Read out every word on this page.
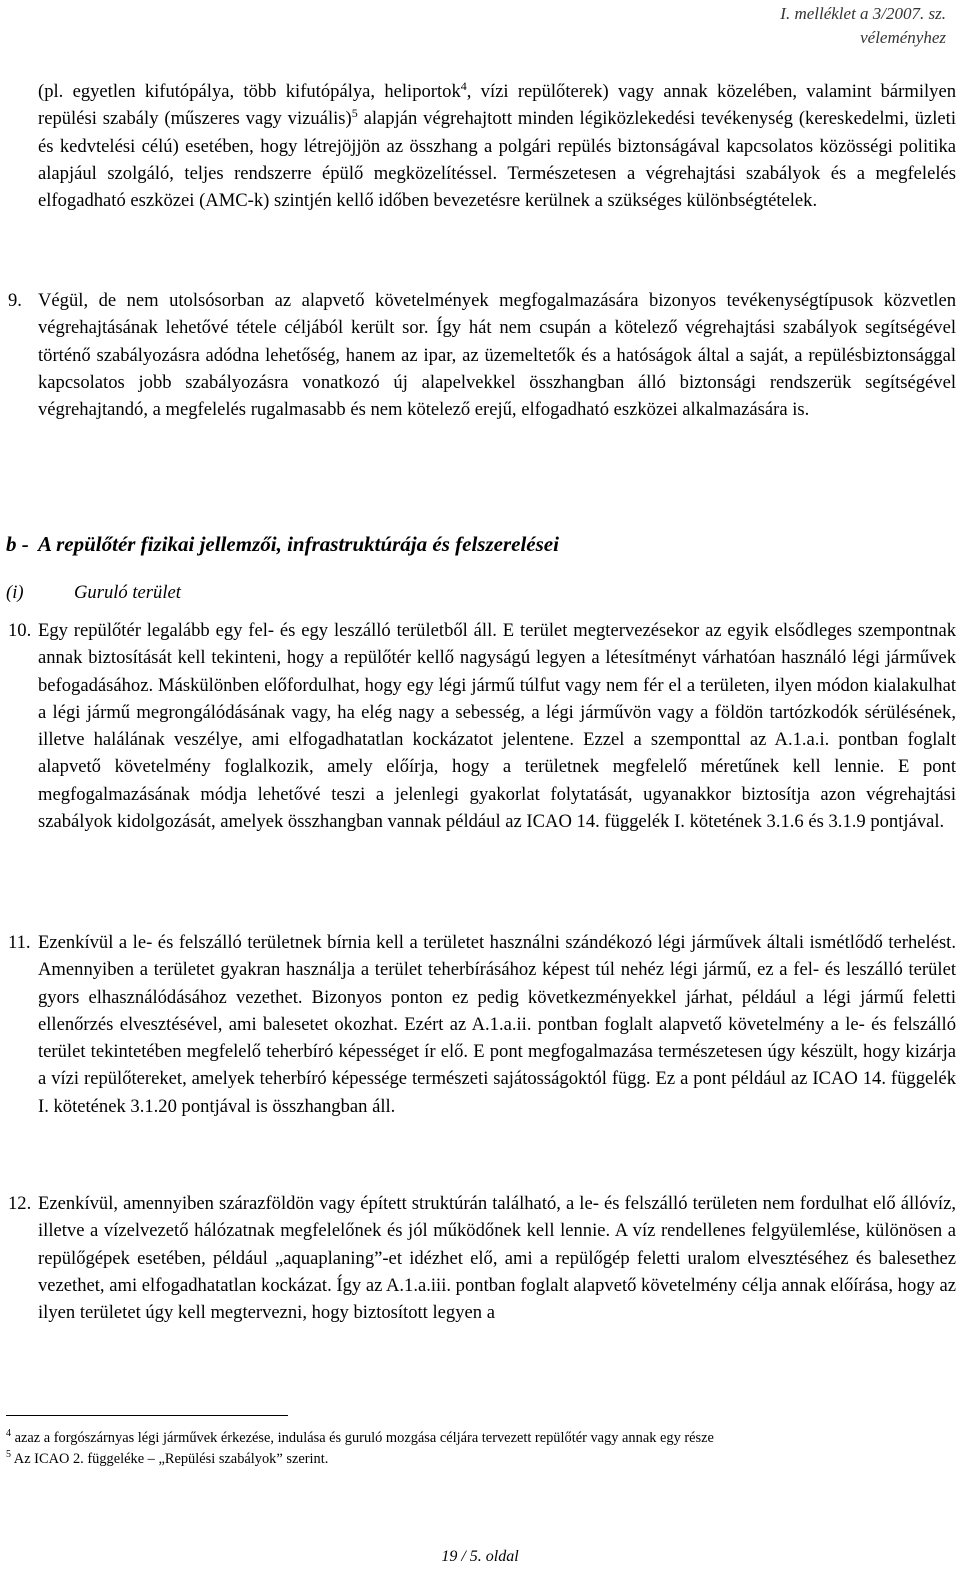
I. melléklet a 3/2007. sz.
véleményhez
(pl. egyetlen kifutópálya, több kifutópálya, heliportok$^4$, vízi repülőterek) vagy annak közelében, valamint bármilyen repülési szabály (műszeres vagy vizuális)$^5$ alapján végrehajtott minden légiközlekedési tevékenység (kereskedelmi, üzleti és kedvtelési célú) esetében, hogy létrejöjjön az összhang a polgári repülés biztonságával kapcsolatos közösségi politika alapjául szolgáló, teljes rendszerre épülő megközelítéssel. Természetesen a végrehajtási szabályok és a megfelelés elfogadható eszközei (AMC-k) szintjén kellő időben bevezetésre kerülnek a szükséges különbségtételek.
9. Végül, de nem utolsósorban az alapvető követelmények megfogalmazására bizonyos tevékenységtípusok közvetlen végrehajtásának lehetővé tétele céljából került sor. Így hát nem csupán a kötelező végrehajtási szabályok segítségével történő szabályozásra adódna lehetőség, hanem az ipar, az üzemeltetők és a hatóságok által a saját, a repülésbiztonsággal kapcsolatos jobb szabályozásra vonatkozó új alapelvekkel összhangban álló biztonsági rendszerük segítségével végrehajtandó, a megfelelés rugalmasabb és nem kötelező erejű, elfogadható eszközei alkalmazására is.
b - A repülőtér fizikai jellemzői, infrastruktúrája és felszerelései
(i)	Guruló terület
10. Egy repülőtér legalább egy fel- és egy leszálló területből áll. E terület megtervezésekor az egyik elsődleges szempontnak annak biztosítását kell tekinteni, hogy a repülőtér kellő nagyságú legyen a létesítményt várhatóan használó légi járművek befogadásához. Máskülönben előfordulhat, hogy egy légi jármű túlfut vagy nem fér el a területen, ilyen módon kialakulhat a légi jármű megrongálódásának vagy, ha elég nagy a sebesség, a légi járművön vagy a földön tartózkodók sérülésének, illetve halálának veszélye, ami elfogadhatatlan kockázatot jelentene. Ezzel a szemponttal az A.1.a.i. pontban foglalt alapvető követelmény foglalkozik, amely előírja, hogy a területnek megfelelő méretűnek kell lennie. E pont megfogalmazásának módja lehetővé teszi a jelenlegi gyakorlat folytatását, ugyanakkor biztosítja azon végrehajtási szabályok kidolgozását, amelyek összhangban vannak például az ICAO 14. függelék I. kötetének 3.1.6 és 3.1.9 pontjával.
11. Ezenkívül a le- és felszálló területnek bírnia kell a területet használni szándékozó légi járművek általi ismétlődő terhelést. Amennyiben a területet gyakran használja a terület teherbírásához képest túl nehéz légi jármű, ez a fel- és leszálló terület gyors elhasználódásához vezethet. Bizonyos ponton ez pedig következményekkel járhat, például a légi jármű feletti ellenőrzés elvesztésével, ami balesetet okozhat. Ezért az A.1.a.ii. pontban foglalt alapvető követelmény a le- és felszálló terület tekintetében megfelelő teherbíró képességet ír elő. E pont megfogalmazása természetesen úgy készült, hogy kizárja a vízi repülőtereket, amelyek teherbíró képessége természeti sajátosságoktól függ. Ez a pont például az ICAO 14. függelék I. kötetének 3.1.20 pontjával is összhangban áll.
12. Ezenkívül, amennyiben szárazföldön vagy épített struktúrán található, a le- és felszálló területen nem fordulhat elő állóvíz, illetve a vízelvezető hálózatnak megfelelőnek és jól működőnek kell lennie. A víz rendellenes felgyülemlése, különösen a repülőgépek esetében, például „aquaplaning”-et idézhet elő, ami a repülőgép feletti uralom elvesztéséhez és balesethez vezethet, ami elfogadhatatlan kockázat. Így az A.1.a.iii. pontban foglalt alapvető követelmény célja annak előírása, hogy az ilyen területet úgy kell megtervezni, hogy biztosított legyen a
$^4$ azaz a forgószárnyas légi járművek érkezése, indulása és guruló mozgása céljára tervezett repülőtér vagy annak egy része
$^5$ Az ICAO 2. függeléke – „Repülési szabályok” szerint.
19 / 5. oldal
